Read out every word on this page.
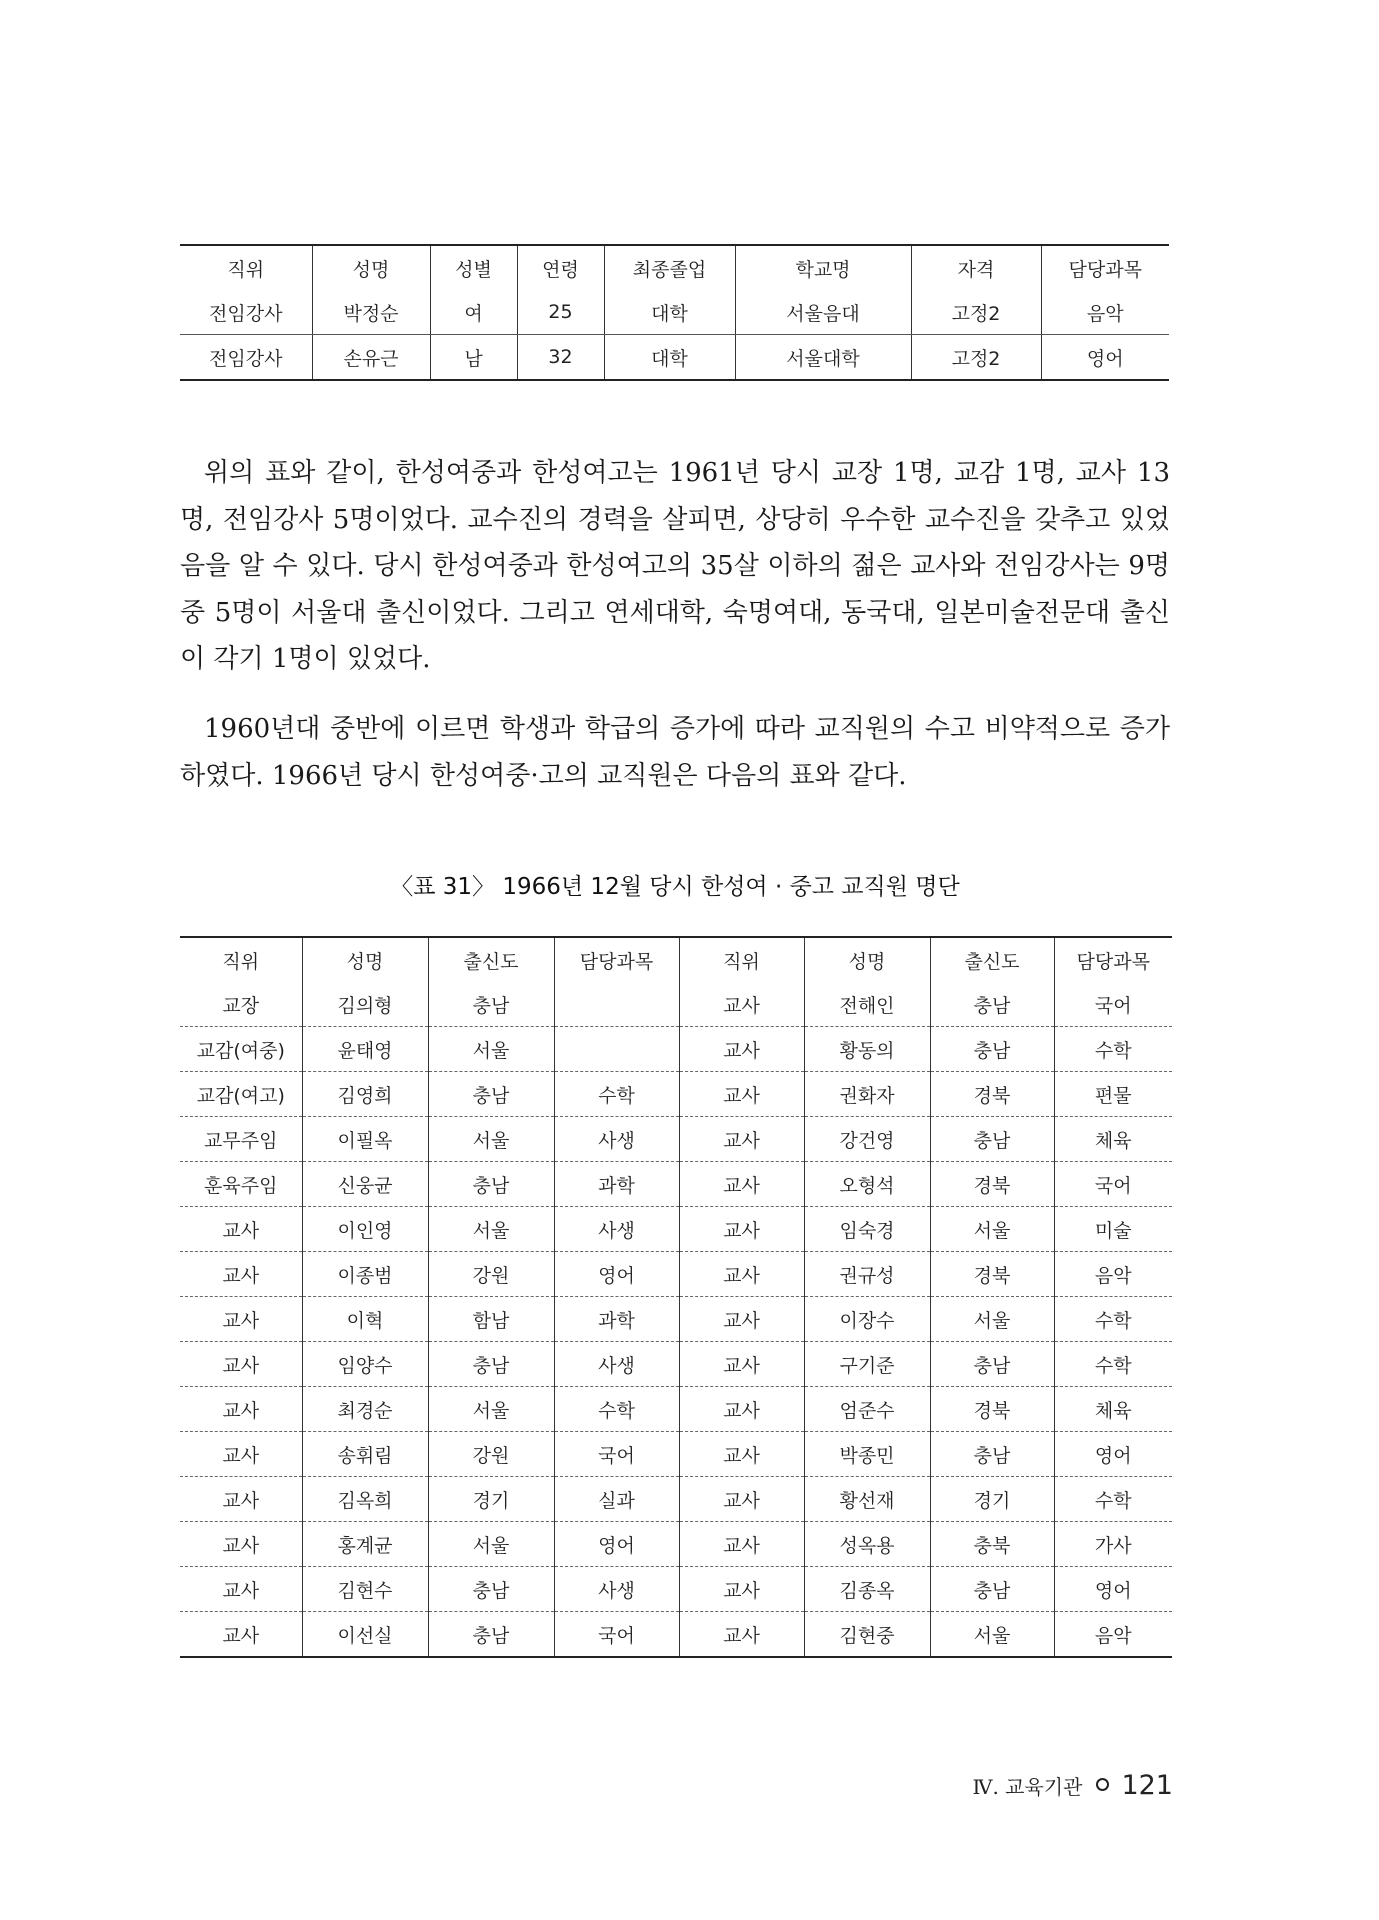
직위	성명	성별	연령	최종졸업	학교명	자격	담당과목
전임강사	박정순	여	25	대학	서울음대	고정2	음악
전임강사	손유근	남	32	대학	서울대학	고정2	영어

위의 표와 같이, 한성여중과 한성여고는 1961년 당시 교장 1명, 교감 1명, 교사 13명, 전임강사 5명이었다. 교수진의 경력을 살피면, 상당히 우수한 교수진을 갖추고 있었음을 알 수 있다. 당시 한성여중과 한성여고의 35살 이하의 젊은 교사와 전임강사는 9명 중 5명이 서울대 출신이었다. 그리고 연세대학, 숙명여대, 동국대, 일본미술전문대 출신이 각기 1명이 있었다.

1960년대 중반에 이르면 학생과 학급의 증가에 따라 교직원의 수고 비약적으로 증가하였다. 1966년 당시 한성여중·고의 교직원은 다음의 표와 같다.

〈표 31〉 1966년 12월 당시 한성여 · 중고 교직원 명단
직위	성명	출신도	담당과목	직위	성명	출신도	담당과목
교장	김의형	충남		교사	전해인	충남	국어
교감(여중)	윤태영	서울		교사	황동의	충남	수학
교감(여고)	김영희	충남	수학	교사	권화자	경북	편물
교무주임	이필옥	서울	사생	교사	강건영	충남	체육
훈육주임	신웅균	충남	과학	교사	오형석	경북	국어
교사	이인영	서울	사생	교사	임숙경	서울	미술
교사	이종범	강원	영어	교사	권규성	경북	음악
교사	이혁	함남	과학	교사	이장수	서울	수학
교사	임양수	충남	사생	교사	구기준	충남	수학
교사	최경순	서울	수학	교사	엄준수	경북	체육
교사	송휘림	강원	국어	교사	박종민	충남	영어
교사	김옥희	경기	실과	교사	황선재	경기	수학
교사	홍계균	서울	영어	교사	성옥용	충북	가사
교사	김현수	충남	사생	교사	김종옥	충남	영어
교사	이선실	충남	국어	교사	김현중	서울	음악
Ⅳ. 교육기관 121
